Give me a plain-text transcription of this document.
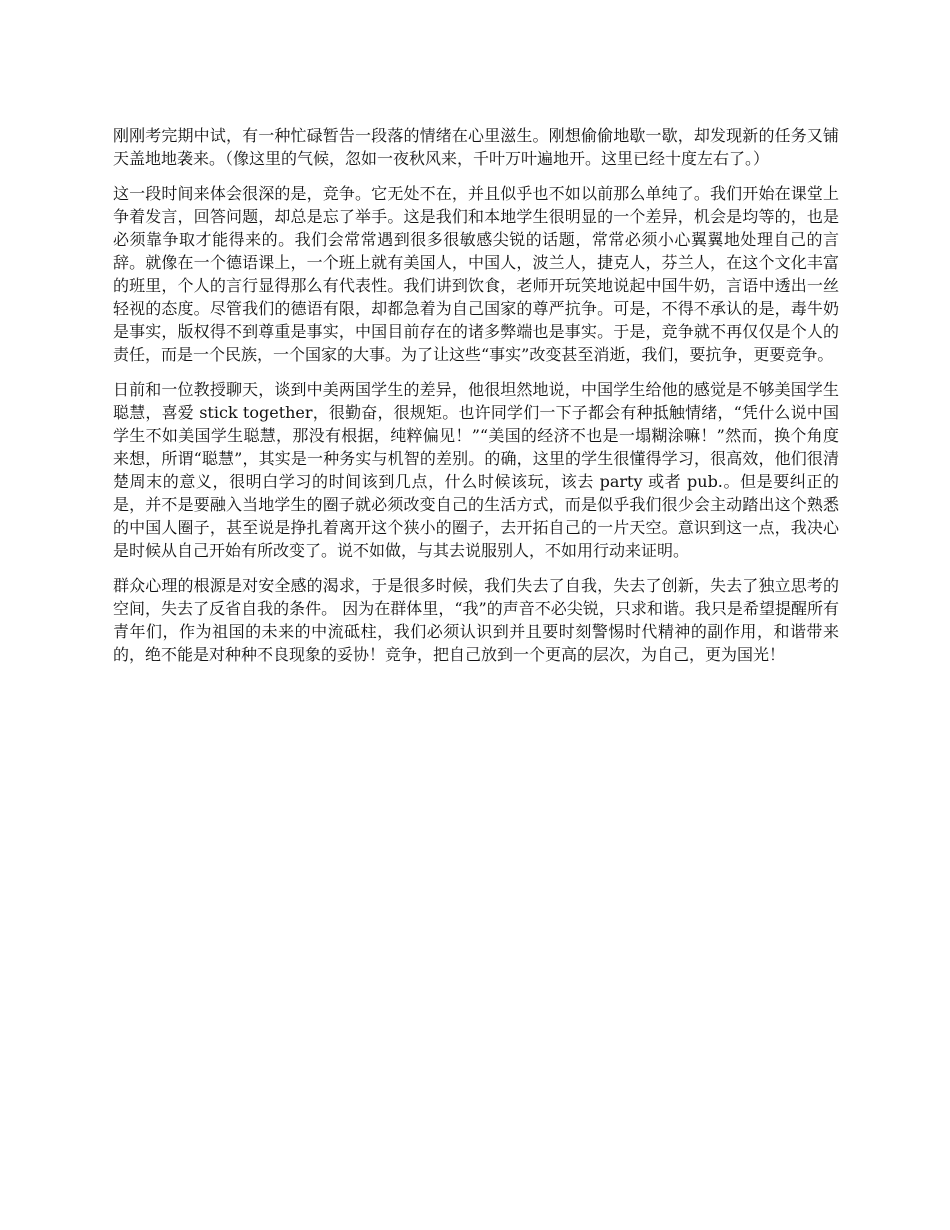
刚刚考完期中试，有一种忙碌暂告一段落的情绪在心里滋生。刚想偷偷地歇一歇，却发现新的任务又铺天盖地地袭来。（像这里的气候，忽如一夜秋风来，千叶万叶遍地开。这里已经十度左右了。）

这一段时间来体会很深的是，竞争。它无处不在，并且似乎也不如以前那么单纯了。我们开始在课堂上争着发言，回答问题，却总是忘了举手。这是我们和本地学生很明显的一个差异，机会是均等的，也是必须靠争取才能得来的。我们会常常遇到很多很敏感尖锐的话题，常常必须小心翼翼地处理自己的言辞。就像在一个德语课上，一个班上就有美国人，中国人，波兰人，捷克人，芬兰人，在这个文化丰富的班里，个人的言行显得那么有代表性。我们讲到饮食，老师开玩笑地说起中国牛奶，言语中透出一丝轻视的态度。尽管我们的德语有限，却都急着为自己国家的尊严抗争。可是，不得不承认的是，毒牛奶是事实，版权得不到尊重是事实，中国目前存在的诸多弊端也是事实。于是，竞争就不再仅仅是个人的责任，而是一个民族，一个国家的大事。为了让这些“事实”改变甚至消逝，我们，要抗争，更要竞争。

日前和一位教授聊天，谈到中美两国学生的差异，他很坦然地说，中国学生给他的感觉是不够美国学生聪慧，喜爱 stick together，很勤奋，很规矩。也许同学们一下子都会有种抵触情绪，“凭什么说中国学生不如美国学生聪慧，那没有根据，纯粹偏见！”“美国的经济不也是一塌糊涂嘛！”然而，换个角度来想，所谓“聪慧”，其实是一种务实与机智的差别。的确，这里的学生很懂得学习，很高效，他们很清楚周末的意义，很明白学习的时间该到几点，什么时候该玩，该去 party 或者 pub.。但是要纠正的是，并不是要融入当地学生的圈子就必须改变自己的生活方式，而是似乎我们很少会主动踏出这个熟悉的中国人圈子，甚至说是挣扎着离开这个狭小的圈子，去开拓自己的一片天空。意识到这一点，我决心是时候从自己开始有所改变了。说不如做，与其去说服别人，不如用行动来证明。

群众心理的根源是对安全感的渴求，于是很多时候，我们失去了自我，失去了创新，失去了独立思考的空间，失去了反省自我的条件。 因为在群体里，“我”的声音不必尖锐，只求和谐。我只是希望提醒所有青年们，作为祖国的未来的中流砥柱，我们必须认识到并且要时刻警惕时代精神的副作用，和谐带来的，绝不能是对种种不良现象的妥协！竞争，把自己放到一个更高的层次，为自己，更为国光！
